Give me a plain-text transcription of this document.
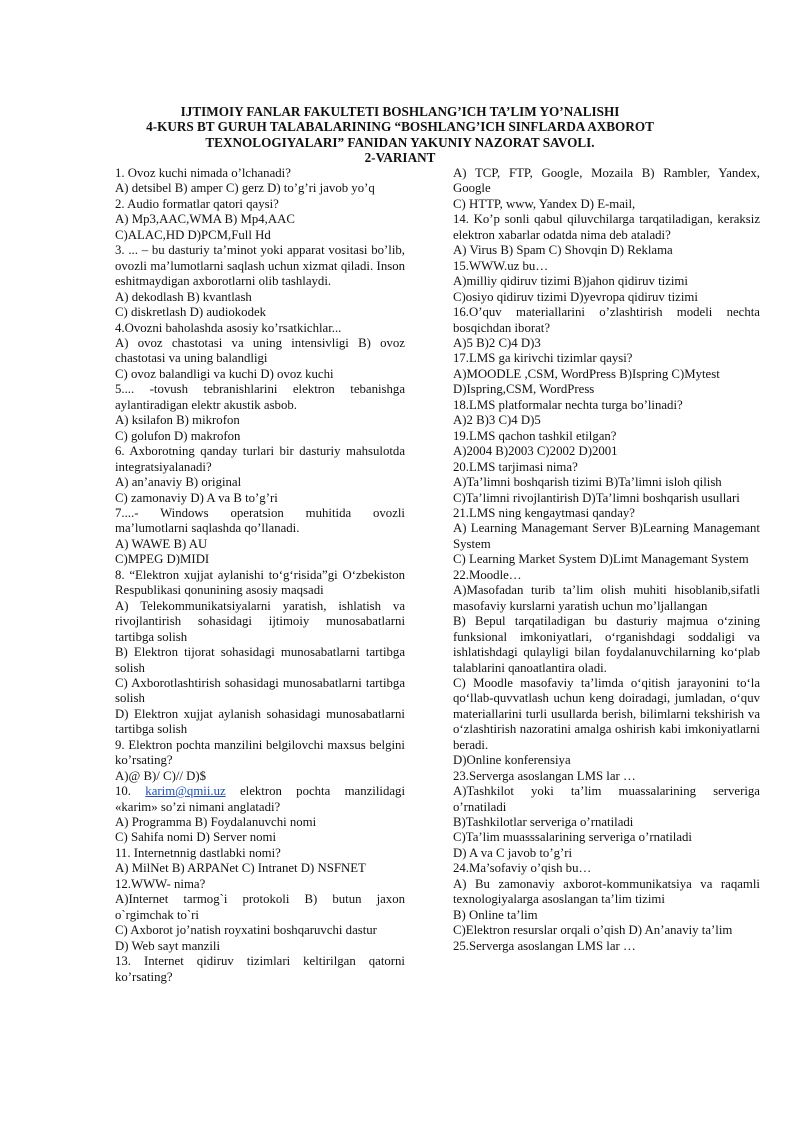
IJTIMOIY FANLAR FAKULTETI BOSHLANG’ICH TA’LIM YO’NALISHI
4-KURS BT GURUH TALABALARINING “BOSHLANG’ICH SINFLARDA AXBOROT
TEXNOLOGIYALARI” FANIDAN YAKUNIY NAZORAT SAVOLI.
2-VARIANT

1. Ovoz kuchi nimada o’lchanadi?

A) detsibel B) amper C) gerz D) to’g’ri javob yo’q

2. Audio formatlar qatori qaysi?

A) Mp3,AAC,WMA B) Mp4,AAC

C)ALAC,HD D)PCM,Full Hd

3. ... – bu dasturiy ta’minot yoki apparat vositasi bo’lib, ovozli ma’lumotlarni saqlash uchun xizmat qiladi. Inson eshitmaydigan axborotlarni olib tashlaydi.

A) dekodlash B) kvantlash

C) diskretlash D) audiokodek

4.Ovozni baholashda asosiy ko’rsatkichlar...

A) ovoz chastotasi va uning intensivligi B) ovoz chastotasi va uning balandligi

C) ovoz balandligi va kuchi D) ovoz kuchi

5.... -tovush tebranishlarini elektron tebanishga aylantiradigan elektr akustik asbob.

A) ksilafon B) mikrofon

C) golufon D) makrofon

6. Axborotning qanday turlari bir dasturiy mahsulotda integratsiyalanadi?

A) an’anaviy B) original

C) zamonaviy D) A va B to’g’ri

7....- Windows operatsion muhitida ovozli ma’lumotlarni saqlashda qo’llanadi.

A) WAWE B) AU

C)MPEG D)MIDI

8. “Elektron xujjat aylanishi to‘g‘risida”gi O‘zbekiston Respublikasi qonunining asosiy maqsadi

A) Telekommunikatsiyalarni yaratish, ishlatish va rivojlantirish sohasidagi ijtimoiy munosabatlarni tartibga solish

B) Elektron tijorat sohasidagi munosabatlarni tartibga solish

C) Axborotlashtirish sohasidagi munosabatlarni tartibga solish

D) Elektron xujjat aylanish sohasidagi munosabatlarni tartibga solish

9. Elektron pochta manzilini belgilovchi maxsus belgini ko’rsating?

A)@ B)/ C)// D)$

10. karim@qmii.uz elektron pochta manzilidagi «karim» so’zi nimani anglatadi?

A) Programma B) Foydalanuvchi nomi

C) Sahifa nomi D) Server nomi

11. Internetnnig dastlabki nomi?

A) MilNet B) ARPANet C) Intranet D) NSFNET

12.WWW- nima?

A)Internet tarmog`i protokoli B) butun jaxon o`rgimchak to`ri

C) Axborot jo’natish royxatini boshqaruvchi dastur

D) Web sayt manzili

13. Internet qidiruv tizimlari keltirilgan qatorni ko’rsating?

A) TCP, FTP, Google, Mozaila B) Rambler, Yandex, Google

C) HTTP, www, Yandex D) E-mail,

14. Ko’p sonli qabul qiluvchilarga tarqatiladigan, keraksiz elektron xabarlar odatda nima deb ataladi?

A) Virus B) Spam C) Shovqin D) Reklama

15.WWW.uz bu…

A)milliy qidiruv tizimi B)jahon qidiruv tizimi

C)osiyo qidiruv tizimi D)yevropa qidiruv tizimi

16.O’quv materiallarini o’zlashtirish modeli nechta bosqichdan iborat?

A)5 B)2 C)4 D)3

17.LMS ga kirivchi tizimlar qaysi?

A)MOODLE ,CSM, WordPress B)Ispring C)Mytest

D)Ispring,CSM, WordPress

18.LMS platformalar nechta turga bo’linadi?

A)2 B)3 C)4 D)5

19.LMS qachon tashkil etilgan?

A)2004 B)2003 C)2002 D)2001

20.LMS tarjimasi nima?

A)Ta’limni boshqarish tizimi B)Ta’limni isloh qilish

C)Ta’limni rivojlantirish D)Ta’limni boshqarish usullari

21.LMS ning kengaytmasi qanday?

A) Learning Managemant Server B)Learning Managemant System

C) Learning Market System D)Limt Managemant System

22.Moodle…

A)Masofadan turib ta’lim olish muhiti hisoblanib,sifatli masofaviy kurslarni yaratish uchun mo’ljallangan

B) Bepul tarqatiladigan bu dasturiy majmua o‘zining funksional imkoniyatlari, o‘rganishdagi soddaligi va ishlatishdagi qulayligi bilan foydalanuvchilarning ko‘plab talablarini qanoatlantira oladi.

C) Moodle masofaviy ta’limda o‘qitish jarayonini to‘la qo‘llab-quvvatlash uchun keng doiradagi, jumladan, o‘quv materiallarini turli usullarda berish, bilimlarni tekshirish va o‘zlashtirish nazoratini amalga oshirish kabi imkoniyatlarni beradi.

D)Online konferensiya

23.Serverga asoslangan LMS lar …

A)Tashkilot yoki ta’lim muassalarining serveriga o’rnatiladi

B)Tashkilotlar serveriga o’rnatiladi

C)Ta’lim muasssalarining serveriga o’rnatiladi

D) A va C javob to’g’ri

24.Ma’sofaviy o’qish bu…

A) Bu zamonaviy axborot-kommunikatsiya va raqamli texnologiyalarga asoslangan ta’lim tizimi

B) Online ta’lim

C)Elektron resurslar orqali o’qish D) An’anaviy ta’lim

25.Serverga asoslangan LMS lar …
